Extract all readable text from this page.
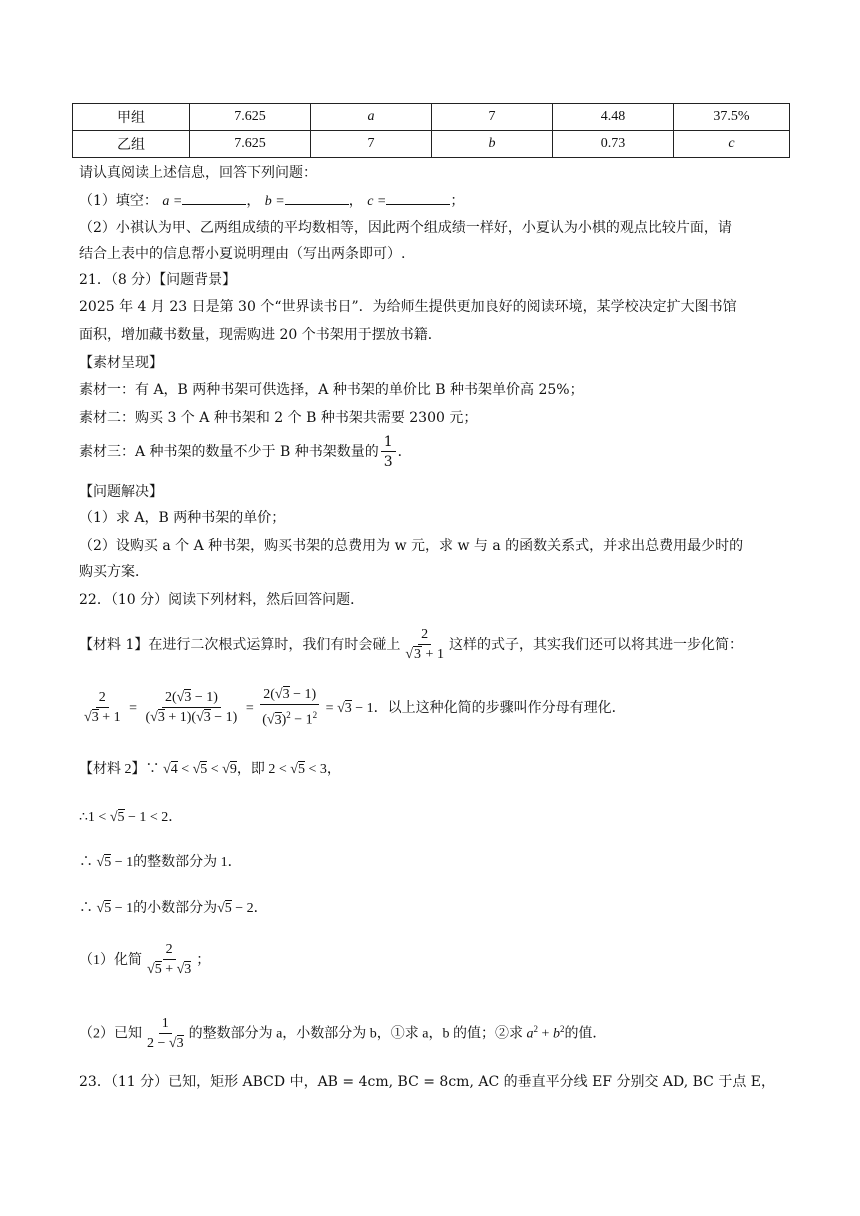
甲组	7.625	a	7	4.48	37.5%
乙组	7.625	7	b	0.73	c
请认真阅读上述信息，回答下列问题：
（1）填空： a =	， b =	， c =	；
（2）小祺认为甲、乙两组成绩的平均数相等，因此两个组成绩一样好，小夏认为小棋的观点比较片面，请
结合上表中的信息帮小夏说明理由（写出两条即可）.
21．（8 分）【问题背景】
2025 年 4 月 23 日是第 30 个“世界读书日”．为给师生提供更加良好的阅读环境，某学校决定扩大图书馆
面积，增加藏书数量，现需购进 20 个书架用于摆放书籍．
【素材呈现】
素材一：有 A，B 两种书架可供选择，A 种书架的单价比 B 种书架单价高 25%；
素材二：购买 3 个 A 种书架和 2 个 B 种书架共需要 2300 元；
素材三：A 种书架的数量不少于 B 种书架数量的 $\frac{1}{3}$ ．
【问题解决】
（1）求 A，B 两种书架的单价；
（2）设购买 a 个 A 种书架，购买书架的总费用为 w 元，求 w 与 a 的函数关系式，并求出总费用最少时的
购买方案．
22．（10 分）阅读下列材料，然后回答问题．
【材料 1】在进行二次根式运算时，我们有时会碰上 $\frac{2}{√3 + 1}$ 这样的式子，其实我们还可以将其进一步化简：
$\frac{2}{√3 + 1} = \frac{2(√3 - 1)}{(√3 + 1)(√3 - 1)} = \frac{2(√3 - 1)}{(√3)^2 - 1^2} = √3 - 1$．以上这种化简的步骤叫作分母有理化．
【材料 2】∵ √4 < √5 < √9，即 2 < √5 < 3，
∴1 < √5 − 1 < 2．
∴ √5 − 1的整数部分为 1．
∴ √5 − 1的小数部分为√5 − 2．
（1）化简 $\frac{2}{√5 + √3}$ ；
（2）已知 $\frac{1}{2 - √3}$ 的整数部分为 a，小数部分为 b，①求 a，b 的值；②求 $a^2 + b^2$的值．
23．（11 分）已知，矩形 ABCD 中，AB = 4cm, BC = 8cm, AC 的垂直平分线 EF 分别交 AD, BC 于点 E，
